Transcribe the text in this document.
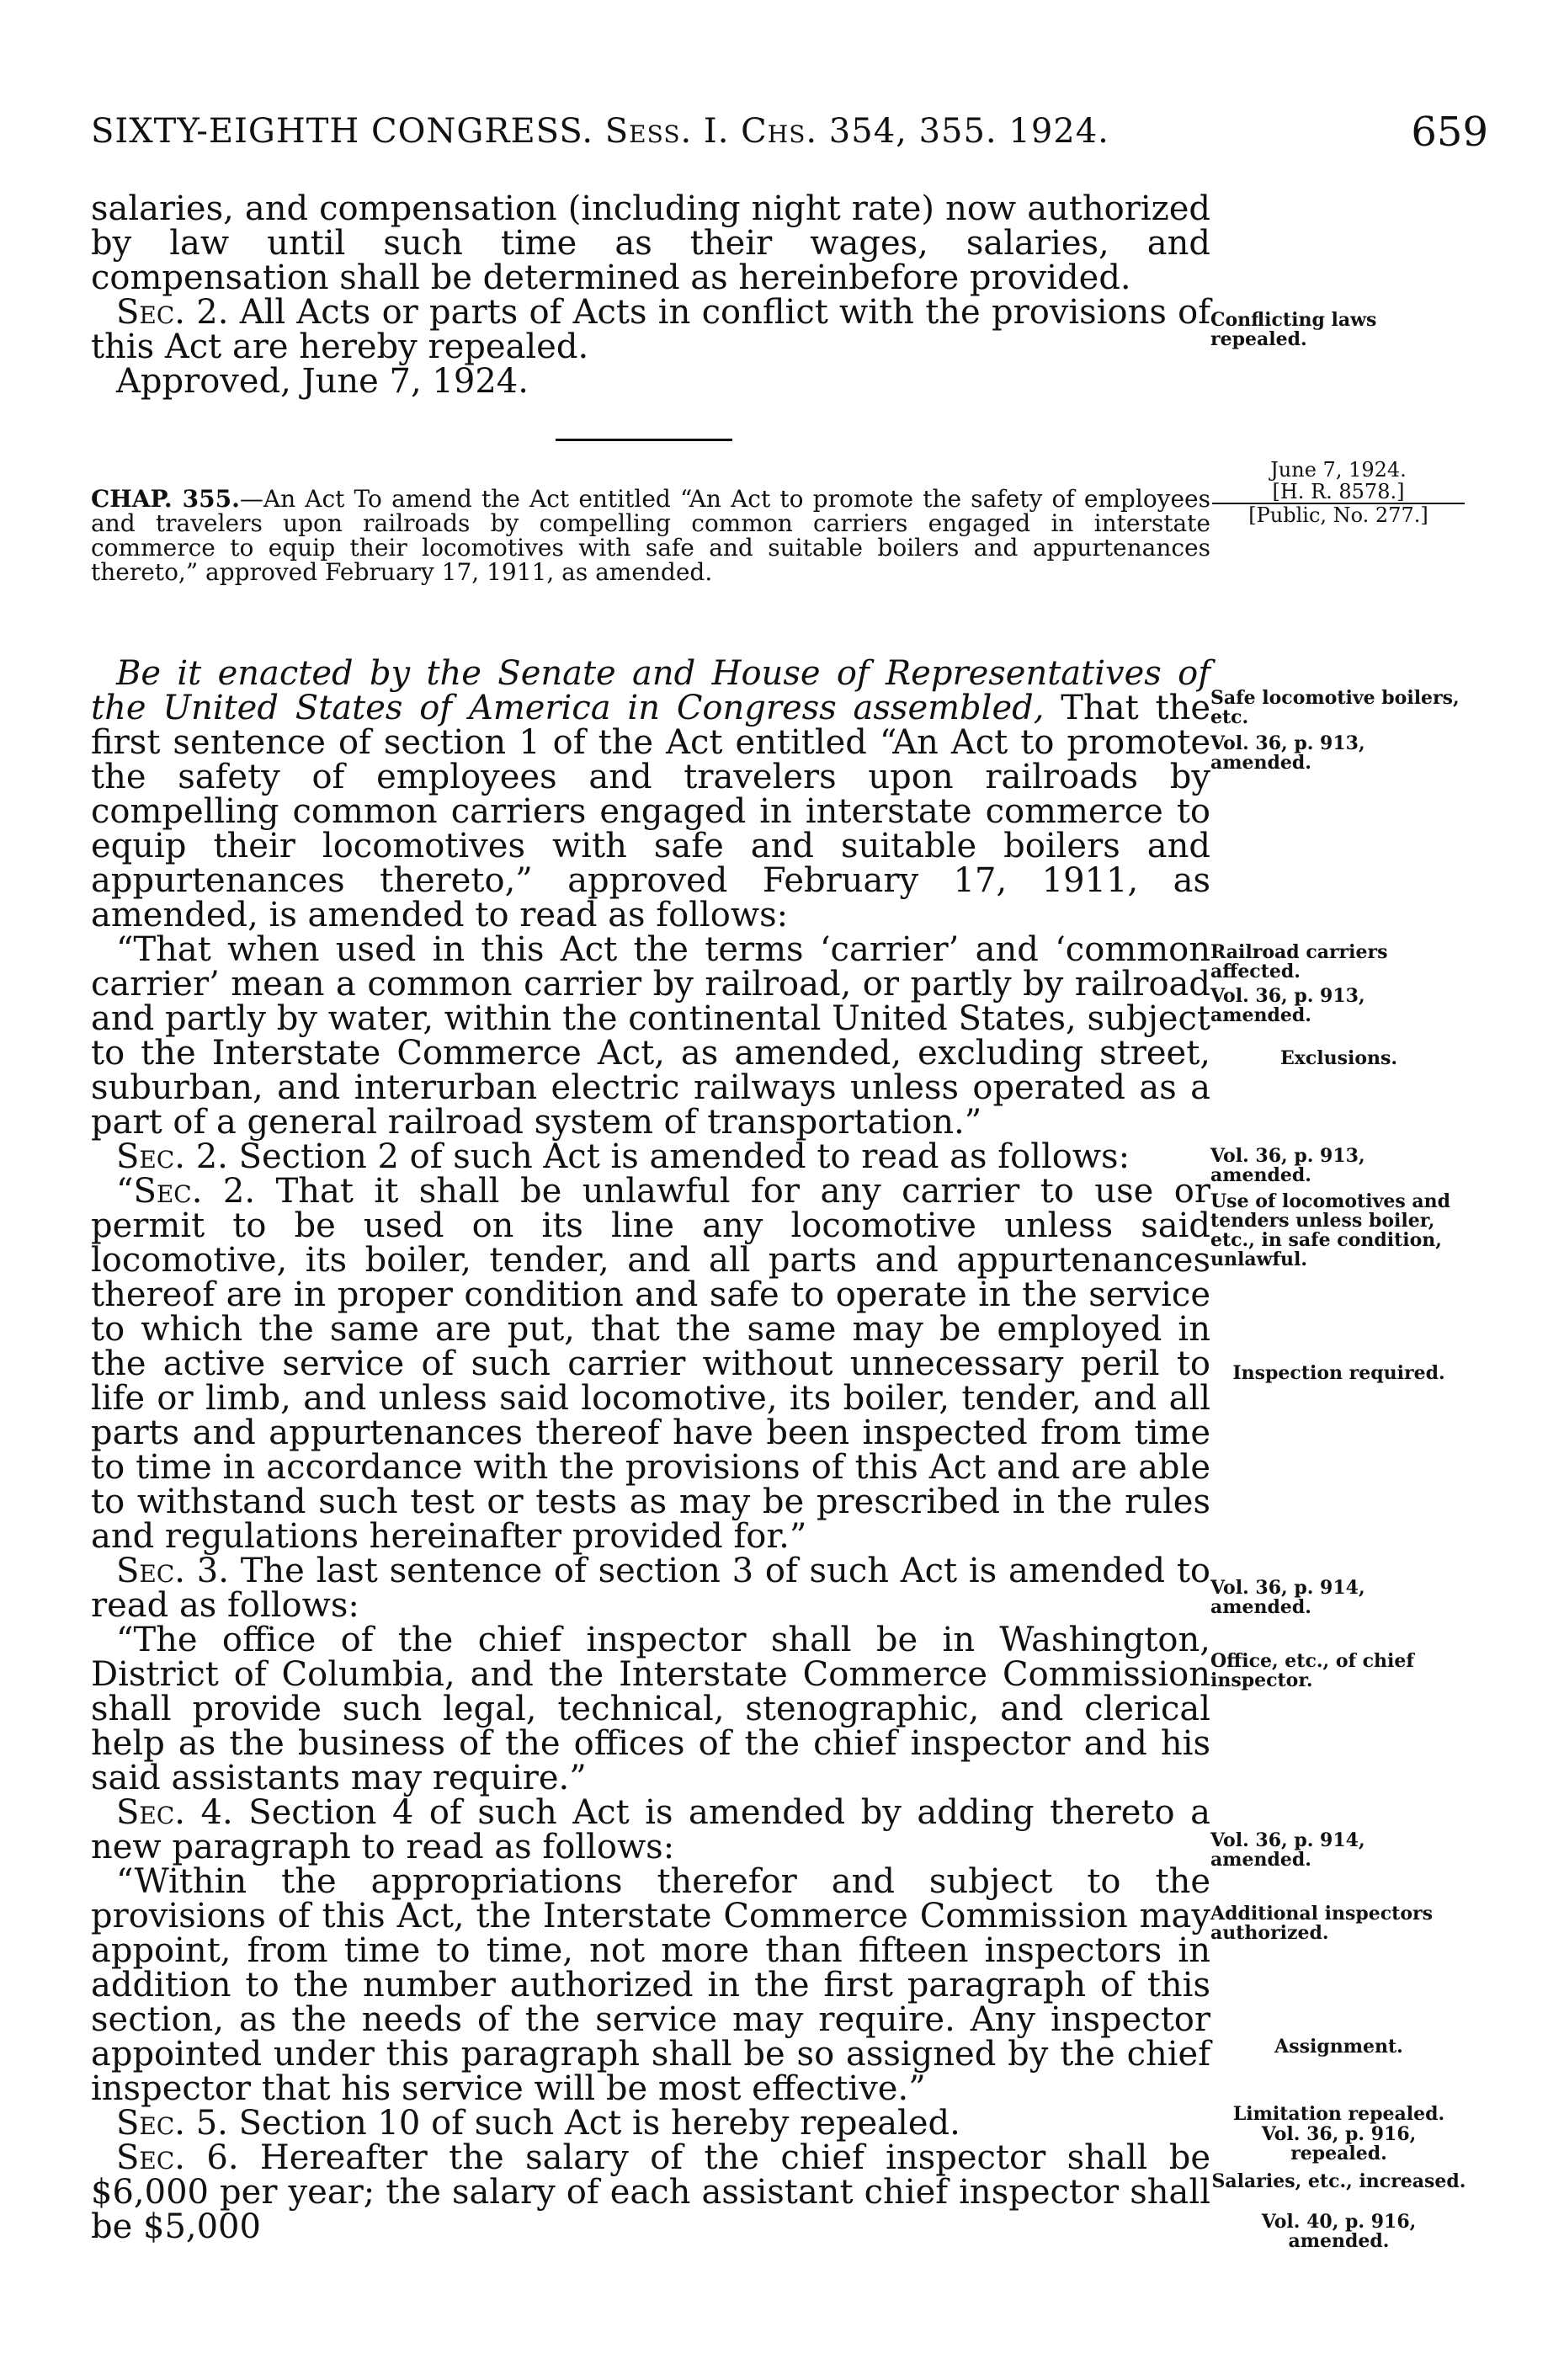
SIXTY-EIGHTH CONGRESS. Sess. I. Chs. 354, 355. 1924.	659

salaries, and compensation (including night rate) now authorized by law until such time as their wages, salaries, and compensation shall be determined as hereinbefore provided.

Sec. 2. All Acts or parts of Acts in conflict with the provisions of this Act are hereby repealed.

Approved, June 7, 1924.

CHAP. 355.—An Act To amend the Act entitled “An Act to promote the safety of employees and travelers upon railroads by compelling common carriers engaged in interstate commerce to equip their locomotives with safe and suitable boilers and appurtenances thereto,” approved February 17, 1911, as amended.
June 7, 1924.
[H. R. 8578.]
[Public, No. 277.]

Be it enacted by the Senate and House of Representatives of the United States of America in Congress assembled, That the first sentence of section 1 of the Act entitled “An Act to promote the safety of employees and travelers upon railroads by compelling common carriers engaged in interstate commerce to equip their locomotives with safe and suitable boilers and appurtenances thereto,” approved February 17, 1911, as amended, is amended to read as follows:

“That when used in this Act the terms ‘carrier’ and ‘common carrier’ mean a common carrier by railroad, or partly by railroad and partly by water, within the continental United States, subject to the Interstate Commerce Act, as amended, excluding street, suburban, and interurban electric railways unless operated as a part of a general railroad system of transportation.”

Sec. 2. Section 2 of such Act is amended to read as follows:

“Sec. 2. That it shall be unlawful for any carrier to use or permit to be used on its line any locomotive unless said locomotive, its boiler, tender, and all parts and appurtenances thereof are in proper condition and safe to operate in the service to which the same are put, that the same may be employed in the active service of such carrier without unnecessary peril to life or limb, and unless said locomotive, its boiler, tender, and all parts and appurtenances thereof have been inspected from time to time in accordance with the provisions of this Act and are able to withstand such test or tests as may be prescribed in the rules and regulations hereinafter provided for.”

Sec. 3. The last sentence of section 3 of such Act is amended to read as follows:

“The office of the chief inspector shall be in Washington, District of Columbia, and the Interstate Commerce Commission shall provide such legal, technical, stenographic, and clerical help as the business of the offices of the chief inspector and his said assistants may require.”

Sec. 4. Section 4 of such Act is amended by adding thereto a new paragraph to read as follows:

“Within the appropriations therefor and subject to the provisions of this Act, the Interstate Commerce Commission may appoint, from time to time, not more than fifteen inspectors in addition to the number authorized in the first paragraph of this section, as the needs of the service may require. Any inspector appointed under this paragraph shall be so assigned by the chief inspector that his service will be most effective.”

Sec. 5. Section 10 of such Act is hereby repealed.

Sec. 6. Hereafter the salary of the chief inspector shall be $6,000 per year; the salary of each assistant chief inspector shall be $5,000

Conflicting laws repealed.
Safe locomotive boilers, etc.
Vol. 36, p. 913, amended.
Railroad carriers affected.
Vol. 36, p. 913, amended.
Exclusions.
Vol. 36, p. 913, amended.
Use of locomotives and tenders unless boiler, etc., in safe condition, unlawful.
Inspection required.
Vol. 36, p. 914, amended.
Office, etc., of chief inspector.
Vol. 36, p. 914, amended.
Additional inspectors authorized.
Assignment.
Limitation repealed.
Vol. 36, p. 916, repealed.
Salaries, etc., increased.
Vol. 40, p. 916, amended.
